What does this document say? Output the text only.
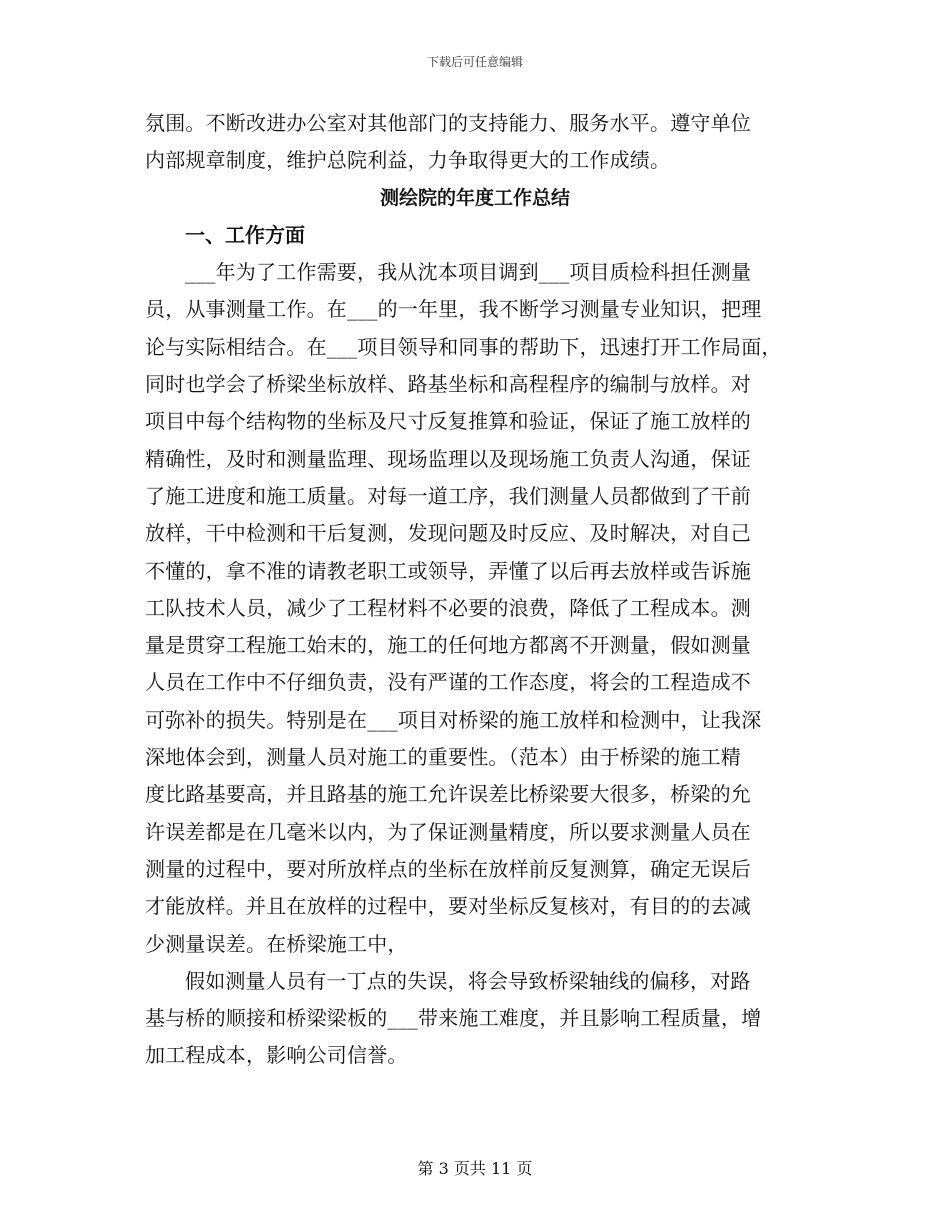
下载后可任意编辑
氛围。不断改进办公室对其他部门的支持能力、服务水平。遵守单位
内部规章制度，维护总院利益，力争取得更大的工作成绩。
测绘院的年度工作总结
一、工作方面
___年为了工作需要，我从沈本项目调到___项目质检科担任测量
员，从事测量工作。在___的一年里，我不断学习测量专业知识，把理
论与实际相结合。在___项目领导和同事的帮助下，迅速打开工作局面，
同时也学会了桥梁坐标放样、路基坐标和高程程序的编制与放样。对
项目中每个结构物的坐标及尺寸反复推算和验证，保证了施工放样的
精确性，及时和测量监理、现场监理以及现场施工负责人沟通，保证
了施工进度和施工质量。对每一道工序，我们测量人员都做到了干前
放样，干中检测和干后复测，发现问题及时反应、及时解决，对自己
不懂的，拿不准的请教老职工或领导，弄懂了以后再去放样或告诉施
工队技术人员，减少了工程材料不必要的浪费，降低了工程成本。测
量是贯穿工程施工始末的，施工的任何地方都离不开测量，假如测量
人员在工作中不仔细负责，没有严谨的工作态度，将会的工程造成不
可弥补的损失。特别是在___项目对桥梁的施工放样和检测中，让我深
深地体会到，测量人员对施工的重要性。（范本）由于桥梁的施工精
度比路基要高，并且路基的施工允许误差比桥梁要大很多，桥梁的允
许误差都是在几毫米以内，为了保证测量精度，所以要求测量人员在
测量的过程中，要对所放样点的坐标在放样前反复测算，确定无误后
才能放样。并且在放样的过程中，要对坐标反复核对，有目的的去减
少测量误差。在桥梁施工中，
假如测量人员有一丁点的失误，将会导致桥梁轴线的偏移，对路
基与桥的顺接和桥梁梁板的___带来施工难度，并且影响工程质量，增
加工程成本，影响公司信誉。
第 3 页共 11 页
